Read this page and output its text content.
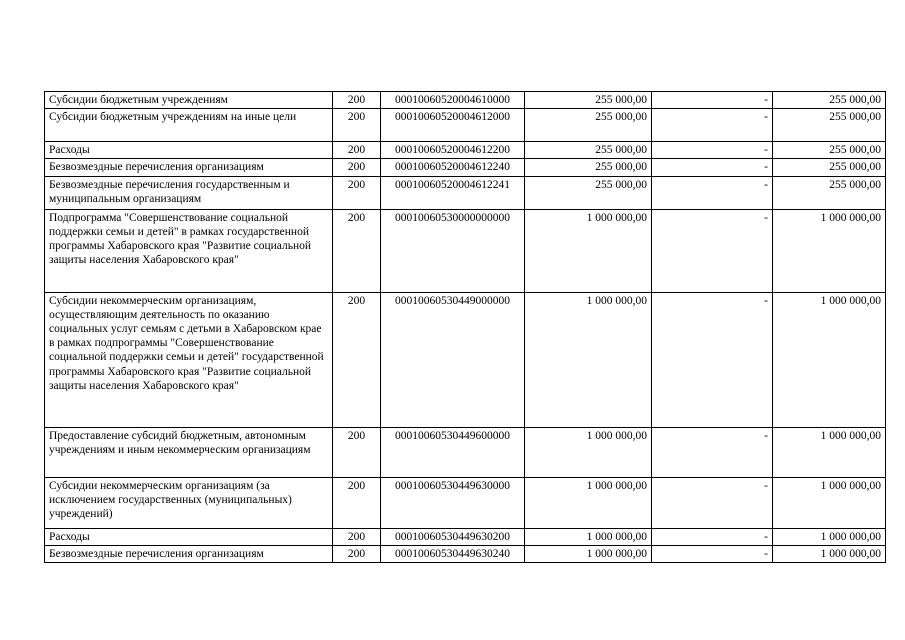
Субсидии бюджетным учреждениям	200	00010060520004610000	255 000,00	-	255 000,00
Субсидии бюджетным учреждениям на иные цели	200	00010060520004612000	255 000,00	-	255 000,00
Расходы	200	00010060520004612200	255 000,00	-	255 000,00
Безвозмездные перечисления организациям	200	00010060520004612240	255 000,00	-	255 000,00
Безвозмездные перечисления государственным и муниципальным организациям	200	00010060520004612241	255 000,00	-	255 000,00
Подпрограмма "Совершенствование социальной поддержки семьи и детей" в рамках государственной программы Хабаровского края "Развитие социальной защиты населения Хабаровского края"	200	00010060530000000000	1 000 000,00	-	1 000 000,00
Субсидии некоммерческим организациям, осуществляющим деятельность по оказанию социальных услуг семьям с детьми в Хабаровском крае в рамках подпрограммы "Совершенствование социальной поддержки семьи и детей" государственной программы Хабаровского края "Развитие социальной защиты населения Хабаровского края"	200	00010060530449000000	1 000 000,00	-	1 000 000,00
Предоставление субсидий бюджетным, автономным учреждениям и иным некоммерческим организациям	200	00010060530449600000	1 000 000,00	-	1 000 000,00
Субсидии некоммерческим организациям (за исключением государственных (муниципальных) учреждений)	200	00010060530449630000	1 000 000,00	-	1 000 000,00
Расходы	200	00010060530449630200	1 000 000,00	-	1 000 000,00
Безвозмездные перечисления организациям	200	00010060530449630240	1 000 000,00	-	1 000 000,00
